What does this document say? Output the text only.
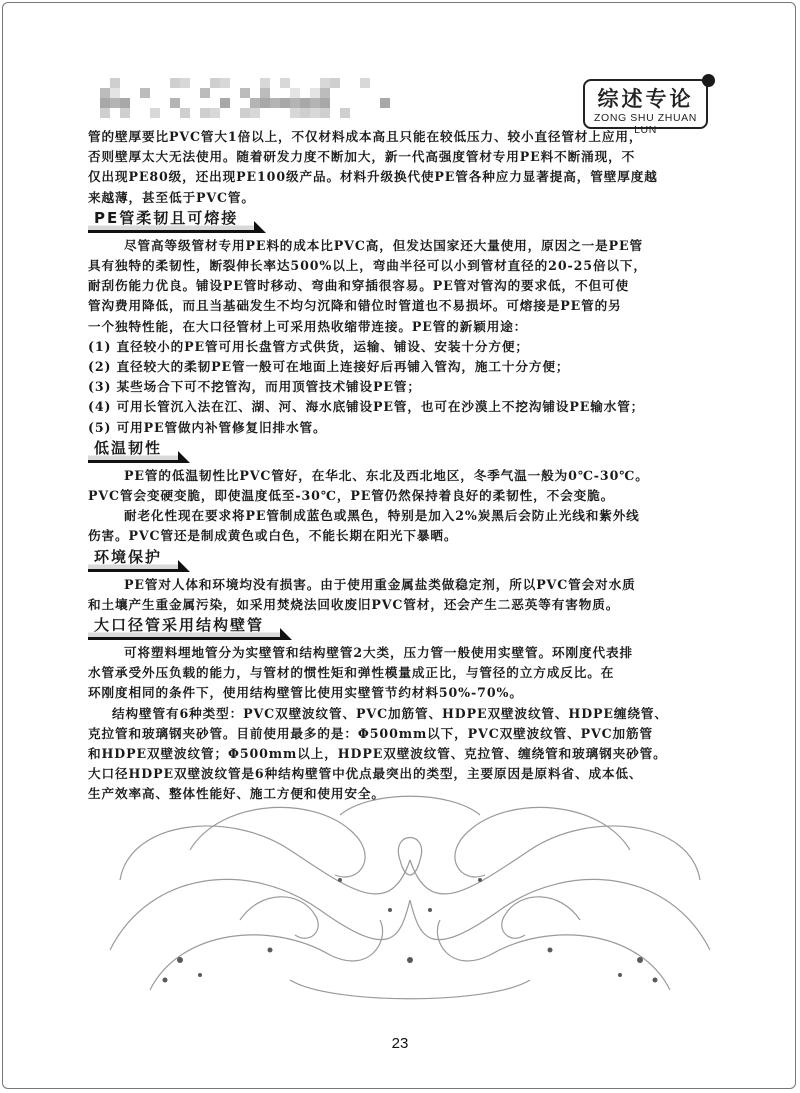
综述专论
ZONG SHU ZHUAN LUN

管的壁厚要比PVC管大1倍以上，不仅材料成本高且只能在较低压力、较小直径管材上应用，

否则壁厚太大无法使用。随着研发力度不断加大，新一代高强度管材专用PE料不断涌现，不

仅出现PE80级，还出现PE100级产品。材料升级换代使PE管各种应力显著提高，管壁厚度越

来越薄，甚至低于PVC管。

PE管柔韧且可熔接

尽管高等级管材专用PE料的成本比PVC高，但发达国家还大量使用，原因之一是PE管

具有独特的柔韧性，断裂伸长率达500%以上，弯曲半径可以小到管材直径的20-25倍以下，

耐刮伤能力优良。铺设PE管时移动、弯曲和穿插很容易。PE管对管沟的要求低，不但可使

管沟费用降低，而且当基础发生不均匀沉降和错位时管道也不易损坏。可熔接是PE管的另

一个独特性能，在大口径管材上可采用热收缩带连接。PE管的新颖用途：

(1) 直径较小的PE管可用长盘管方式供货，运输、铺设、安装十分方便；

(2) 直径较大的柔韧PE管一般可在地面上连接好后再铺入管沟，施工十分方便；

(3) 某些场合下可不挖管沟，而用顶管技术铺设PE管；

(4) 可用长管沉入法在江、湖、河、海水底铺设PE管，也可在沙漠上不挖沟铺设PE输水管；

(5) 可用PE管做内补管修复旧排水管。

低温韧性

PE管的低温韧性比PVC管好，在华北、东北及西北地区，冬季气温一般为0℃-30℃。

PVC管会变硬变脆，即使温度低至-30℃，PE管仍然保持着良好的柔韧性，不会变脆。

耐老化性现在要求将PE管制成蓝色或黑色，特别是加入2%炭黑后会防止光线和紫外线

伤害。PVC管还是制成黄色或白色，不能长期在阳光下暴晒。

环境保护

PE管对人体和环境均没有损害。由于使用重金属盐类做稳定剂，所以PVC管会对水质

和土壤产生重金属污染，如采用焚烧法回收废旧PVC管材，还会产生二恶英等有害物质。

大口径管采用结构壁管

可将塑料埋地管分为实壁管和结构壁管2大类，压力管一般使用实壁管。环刚度代表排

水管承受外压负载的能力，与管材的惯性矩和弹性模量成正比，与管径的立方成反比。在

环刚度相同的条件下，使用结构壁管比使用实壁管节约材料50%-70%。

结构壁管有6种类型：PVC双壁波纹管、PVC加筋管、HDPE双壁波纹管、HDPE缠绕管、

克拉管和玻璃钢夹砂管。目前使用最多的是：Φ500mm以下，PVC双壁波纹管、PVC加筋管

和HDPE双壁波纹管；Φ500mm以上，HDPE双壁波纹管、克拉管、缠绕管和玻璃钢夹砂管。

大口径HDPE双壁波纹管是6种结构壁管中优点最突出的类型，主要原因是原料省、成本低、

生产效率高、整体性能好、施工方便和使用安全。

23
